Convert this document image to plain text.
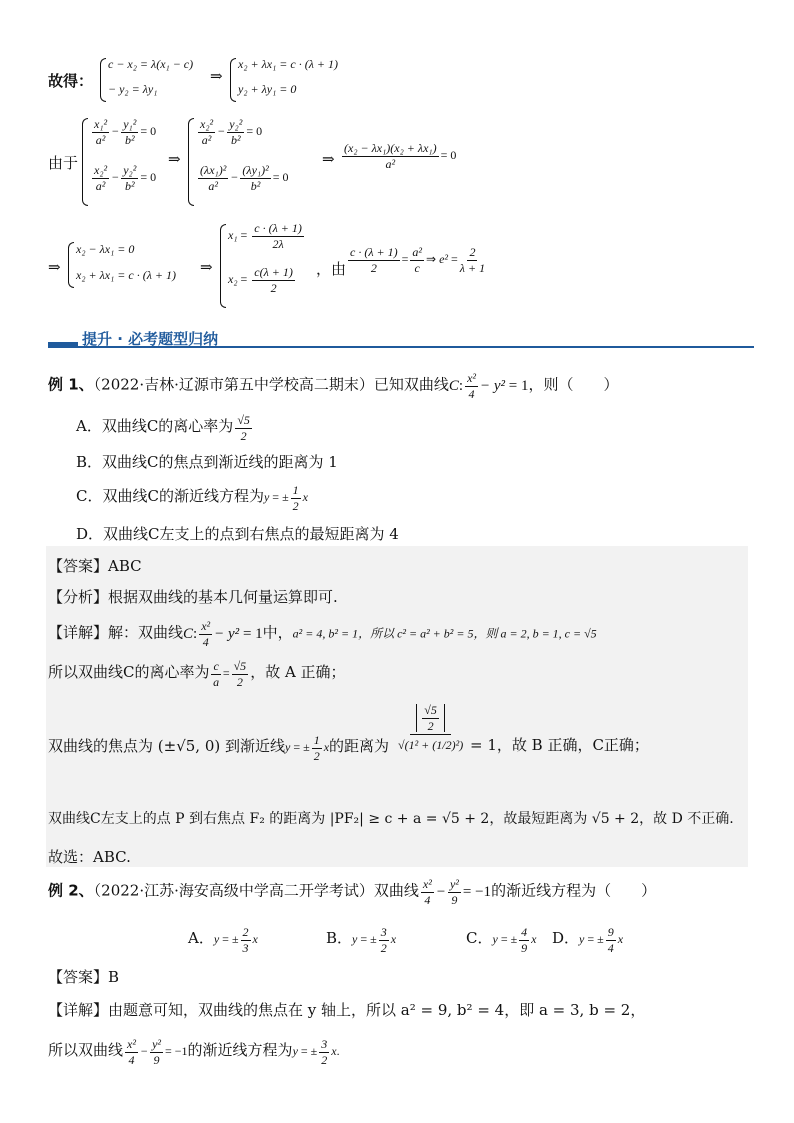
故得：
c − x₂ = λ(x₁ − c)
− y₂ = λy₁
⇒
x₂ + λx₁ = c · (λ + 1)
y₂ + λy₁ = 0
由于
$\frac{\text{x₁²}}{\text{a²}} - \frac{\text{y₁²}}{\text{b²}} = 0$
$\frac{\text{x₂²}}{\text{a²}} - \frac{\text{y₂²}}{\text{b²}} = 0$
⇒
$\frac{\text{x₂²}}{\text{a²}} - \frac{\text{y₂²}}{\text{b²}} = 0$
$\frac{\text{(λx₁)²}}{\text{a²}} - \frac{\text{(λy₁)²}}{\text{b²}} = 0$
⇒ $\frac{\text{(x₂ − λx₁)(x₂ + λx₁)}}{\text{a²}} = 0$
⇒
x₂ − λx₁ = 0
x₂ + λx₁ = c · (λ + 1) ⇒
$x_1 = \frac{c \cdot (\lambda + 1)}{2\lambda}$
$x_2 = \frac{c(\lambda + 1)}{2}$ ，由 $\frac{c \cdot (\lambda + 1)}{2} = \frac{\text{a²}}{c}$ ⇒ $e^2 = \frac{2}{\lambda + 1}$
提升 · 必考题型归纳
例 1、（2022·吉林·辽源市第五中学校高二期末）已知双曲线C: $\frac{\text{x²}}{4} - y^2 = 1$，则（　　）
A．双曲线C的离心率为 $\frac{√5}{2}$
B．双曲线C的焦点到渐近线的距离为 1
C．双曲线C的渐近线方程为y = ± $\frac{1}{2}$ x
D．双曲线C左支上的点到右焦点的最短距离为 4
【答案】ABC
【分析】根据双曲线的基本几何量运算即可.
【详解】解：双曲线C: $\frac{\text{x²}}{4} - y^2 = 1$中，a² = 4, b² = 1，所以 c² = a² + b² = 5，则 a = 2, b = 1, c = √5
所以双曲线C的离心率为 $\frac{c}{a} = \frac{√5}{2}$ ，故 A 正确；
双曲线的焦点为 (±√5, 0) 到渐近线y = ± $\frac{1}{2}$ x的距离为 $\frac{\frac{√5}{2}}{\text{√(1² + (1/2)²)}} = 1$，故 B 正确，C正确；
双曲线C左支上的点 P 到右焦点 F₂ 的距离为 |PF₂| ≥ c + a = √5 + 2，故最短距离为 √5 + 2，故 D 不正确.
故选：ABC.
例 2、（2022·江苏·海安高级中学高二开学考试）双曲线 $\frac{\text{x²}}{4} - \frac{\text{y²}}{9} = -1$的渐近线方程为（　　）
A．y = ± $\frac{2}{3}$ x	B．y = ± $\frac{3}{2}$ x	C．y = ± $\frac{4}{9}$ x D．y = ± $\frac{9}{4}$ x
【答案】B
【详解】由题意可知，双曲线的焦点在 y 轴上，所以 a² = 9, b² = 4，即 a = 3, b = 2，
所以双曲线 $\frac{\text{x²}}{4} - \frac{\text{y²}}{9} = -1$的渐近线方程为y = ± $\frac{3}{2} x$.
